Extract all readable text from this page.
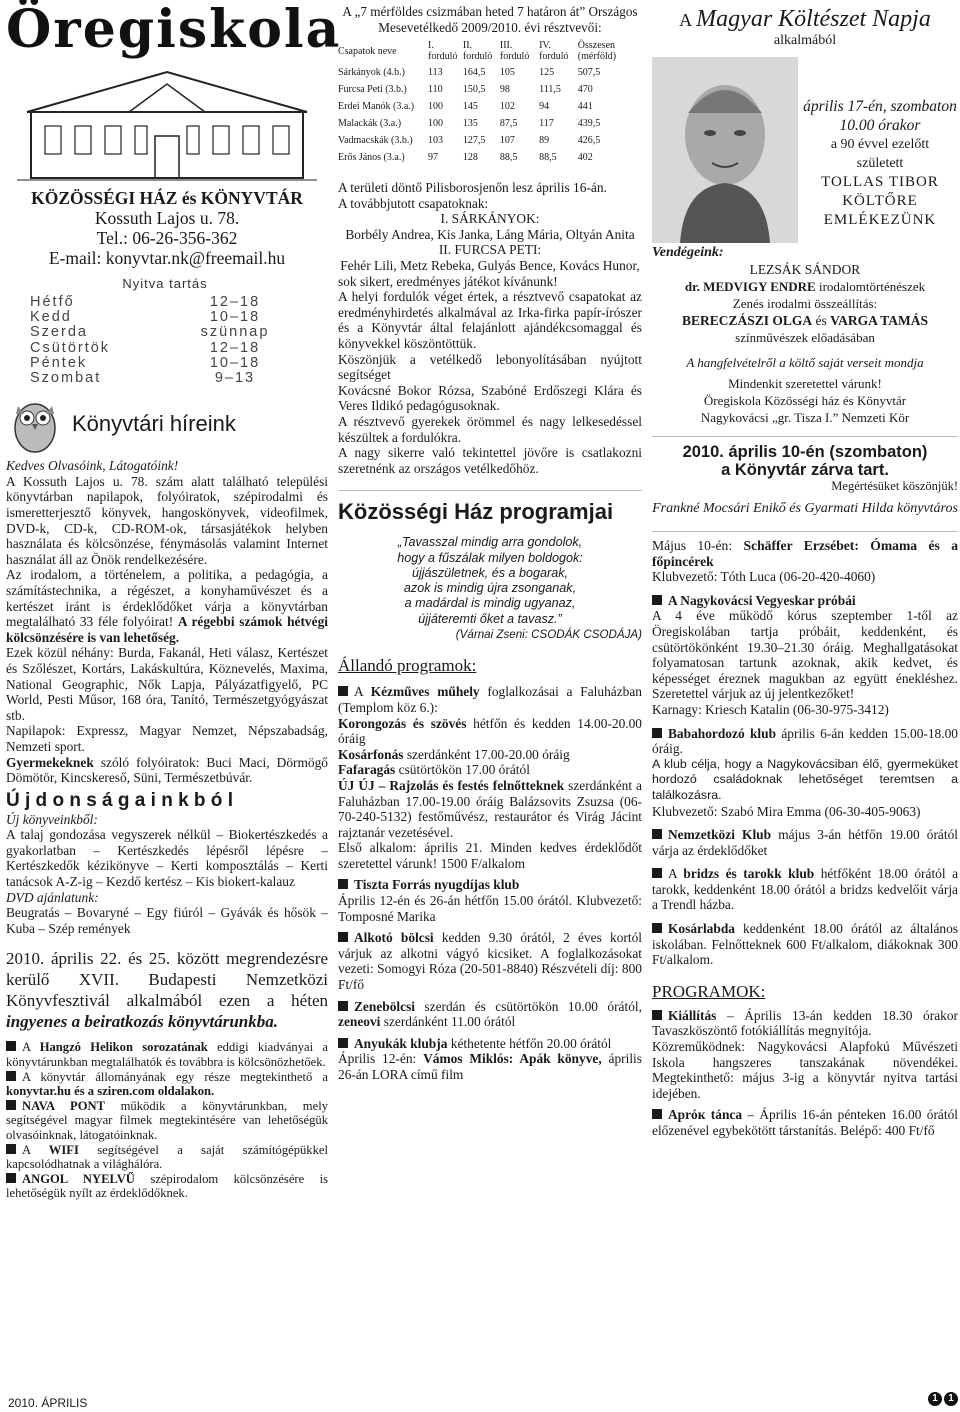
Öregiskola
KÖZÖSSÉGI HÁZ és KÖNYVTÁR
Kossuth Lajos u. 78.
Tel.: 06-26-356-362
E-mail: konyvtar.nk@freemail.hu
Nyitva tartás
Hétfő	12–18
Kedd	10–18
Szerda	szünnap
Csütörtök	12–18
Péntek	10–18
Szombat	9–13
Könyvtári híreink
Kedves Olvasóink, Látogatóink!
A Kossuth Lajos u. 78. szám alatt található települési könyvtárban napilapok, folyóiratok, szépirodalmi és ismeretterjesztő könyvek, hangoskönyvek, videofilmek, DVD-k, CD-k, CD-ROM-ok, társasjátékok helyben használata és kölcsönzése, fénymásolás valamint Internet használat áll az Önök rendelkezésére.
Az irodalom, a történelem, a politika, a pedagógia, a számítástechnika, a régészet, a konyhaművészet és a kertészet iránt is érdeklődőket várja a könyvtárban megtalálható 33 féle folyóirat! A régebbi számok hétvégi kölcsönzésére is van lehetőség.
Ezek közül néhány: Burda, Fakanál, Heti válasz, Kertészet és Szőlészet, Kortárs, Lakáskultúra, Köznevelés, Maxima, National Geographic, Nők Lapja, Pályázatfigyelő, PC World, Pesti Műsor, 168 óra, Tanító, Természetgyógyászat stb.
Napilapok: Expressz, Magyar Nemzet, Népszabadság, Nemzeti sport.
Gyermekeknek szóló folyóiratok: Buci Maci, Dörmögő Dömötör, Kincskereső, Süni, Természetbúvár.
Ú j d o n s á g a i n k b ó l
Új könyveinkből:
A talaj gondozása vegyszerek nélkül – Biokertészkedés a gyakorlatban – Kertészkedés lépésről lépésre – Kertészkedők kézikönyve – Kerti komposztálás – Kerti tanácsok A-Z-ig – Kezdő kertész – Kis biokert-kalauz
DVD ajánlatunk:
Beugratás – Bovaryné – Egy fiúról – Gyávák és hősök – Kuba – Szép remények
2010. április 22. és 25. között megrendezésre kerülő XVII. Budapesti Nemzetközi Könyvfesztivál alkalmából ezen a héten ingyenes a beiratkozás könyvtárunkba.
A Hangzó Helikon sorozatának eddigi kiadványai a könyvtárunkban megtalálhatók és továbbra is kölcsönözhetőek.
A könyvtár állományának egy része megtekinthető a konyvtar.hu és a sziren.com oldalakon.
NAVA PONT működik a könyvtárunkban, mely segítségével magyar filmek megtekintésére van lehetőségük olvasóinknak, látogatóinknak.
A WIFI segítségével a saját számítógépükkel kapcsolódhatnak a világhálóra.
ANGOL NYELVŰ szépirodalom kölcsönzésére is lehetőségük nyílt az érdeklődőknek.
A „7 mérföldes csizmában heted 7 határon át” Országos Mesevetélkedő 2009/2010. évi résztvevői:
Csapatok neve	I. forduló	II. forduló	III. forduló	IV. forduló	Összesen (mérföld)
Sárkányok (4.b.)	113	164,5	105	125	507,5
Furcsa Peti (3.b.)	110	150,5	98	111,5	470
Erdei Manók (3.a.)	100	145	102	94	441
Malackák (3.a.)	100	135	87,5	117	439,5
Vadmacskák (3.b.)	103	127,5	107	89	426,5
Erős János (3.a.)	97	128	88,5	88,5	402
A területi döntő Pilisborosjenőn lesz április 16-án.
A továbbjutott csapatoknak:
I. SÁRKÁNYOK:
Borbély Andrea, Kis Janka, Láng Mária, Oltyán Anita
II. FURCSA PETI:
Fehér Lili, Metz Rebeka, Gulyás Bence, Kovács Hunor,
sok sikert, eredményes játékot kívánunk!
A helyi fordulók véget értek, a résztvevő csapatokat az eredményhirdetés alkalmával az Irka-firka papír-írószer és a Könyvtár által felajánlott ajándékcsomaggal és könyvekkel köszöntöttük.
Köszönjük a vetélkedő lebonyolításában nyújtott segítséget
Kovácsné Bokor Rózsa, Szabóné Erdőszegi Klára és Veres Ildikó pedagógusoknak.
A résztvevő gyerekek örömmel és nagy lelkesedéssel készültek a fordulókra.
A nagy sikerre való tekintettel jövőre is csatlakozni szeretnénk az országos vetélkedőhöz.
Közösségi Ház programjai
„Tavasszal mindig arra gondolok,
hogy a fűszálak milyen boldogok:
újjászületnek, és a bogarak,
azok is mindig újra zsonganak,
a madárdal is mindig ugyanaz,
újjáteremti őket a tavasz.”
(Várnai Zseni: CSODÁK CSODÁJA)
Állandó programok:
A Kézműves műhely foglalkozásai a Faluházban (Templom köz 6.):
Korongozás és szövés hétfőn és kedden 14.00-20.00 óráig
Kosárfonás szerdánként 17.00-20.00 óráig
Fafaragás csütörtökön 17.00 órától
ÚJ ÚJ – Rajzolás és festés felnőtteknek szerdánként a Faluházban 17.00-19.00 óráig Balázsovits Zsuzsa (06-70-240-5132) festőművész, restaurátor és Virág Jácint rajztanár vezetésével.
Első alkalom: április 21. Minden kedves érdeklődőt szeretettel várunk! 1500 F/alkalom
Tiszta Forrás nyugdíjas klub
Április 12-én és 26-án hétfőn 15.00 órától. Klubvezető: Tomposné Marika
Alkotó bölcsi kedden 9.30 órától, 2 éves kortól várjuk az alkotni vágyó kicsiket. A foglalkozásokat vezeti: Somogyi Róza (20-501-8840) Részvételi díj: 800 Ft/fő
Zenebölcsi szerdán és csütörtökön 10.00 órától, zeneovi szerdánként 11.00 órától
Anyukák klubja kéthetente hétfőn 20.00 órától
Április 12-én: Vámos Miklós: Apák könyve, április 26-án LORA című film
A Magyar Költészet Napja
alkalmából
április 17-én, szombaton 10.00 órakor
a 90 évvel ezelőtt
született
TOLLAS TIBOR
KÖLTŐRE
EMLÉKEZÜNK
Vendégeink:
LEZSÁK SÁNDOR
dr. MEDVIGY ENDRE irodalomtörténészek
Zenés irodalmi összeállítás:
BERECZÁSZI OLGA és VARGA TAMÁS
színművészek előadásában
A hangfelvételről a költő saját verseit mondja
Mindenkit szeretettel várunk!
Öregiskola Közösségi ház és Könyvtár
Nagykovácsi „gr. Tisza I.” Nemzeti Kör
2010. április 10-én (szombaton)
a Könyvtár zárva tart.
Megértésüket köszönjük!
Frankné Mocsári Enikő és Gyarmati Hilda könyvtáros
Május 10-én: Schäffer Erzsébet: Ómama és a főpincérek
Klubvezető: Tóth Luca (06-20-420-4060)
A Nagykovácsi Vegyeskar próbái
A 4 éve működő kórus szeptember 1-től az Öregiskolában tartja próbáit, keddenként, és csütörtökönként 19.30–21.30 óráig. Meghallgatásokat folyamatosan tartunk azoknak, akik kedvet, és képességet éreznek magukban az együtt énekléshez. Szeretettel várjuk az új jelentkezőket!
Karnagy: Kriesch Katalin (06-30-975-3412)
Babahordozó klub április 6-án kedden 15.00-18.00 óráig.
A klub célja, hogy a Nagykovácsiban élő, gyermeküket hordozó családoknak lehetőséget teremtsen a találkozásra.
Klubvezető: Szabó Mira Emma (06-30-405-9063)
Nemzetközi Klub május 3-án hétfőn 19.00 órától várja az érdeklődőket
A bridzs és tarokk klub hétfőként 18.00 órától a tarokk, keddenként 18.00 órától a bridzs kedvelőit várja a Trendl házba.
Kosárlabda keddenként 18.00 órától az általános iskolában. Felnőtteknek 600 Ft/alkalom, diákoknak 300 Ft/alkalom.
PROGRAMOK:
Kiállítás – Április 13-án kedden 18.30 órakor Tavaszköszöntő fotókiállítás megnyitója.
Közreműködnek: Nagykovácsi Alapfokú Művészeti Iskola hangszeres tanszakának növendékei. Megtekinthető: május 3-ig a könyvtár nyitva tartási idejében.
Apróк tánca – Április 16-án pénteken 16.00 órától előzenével egybekötött társtanítás. Belépő: 400 Ft/fő
2010. ÁPRILIS	1	1
